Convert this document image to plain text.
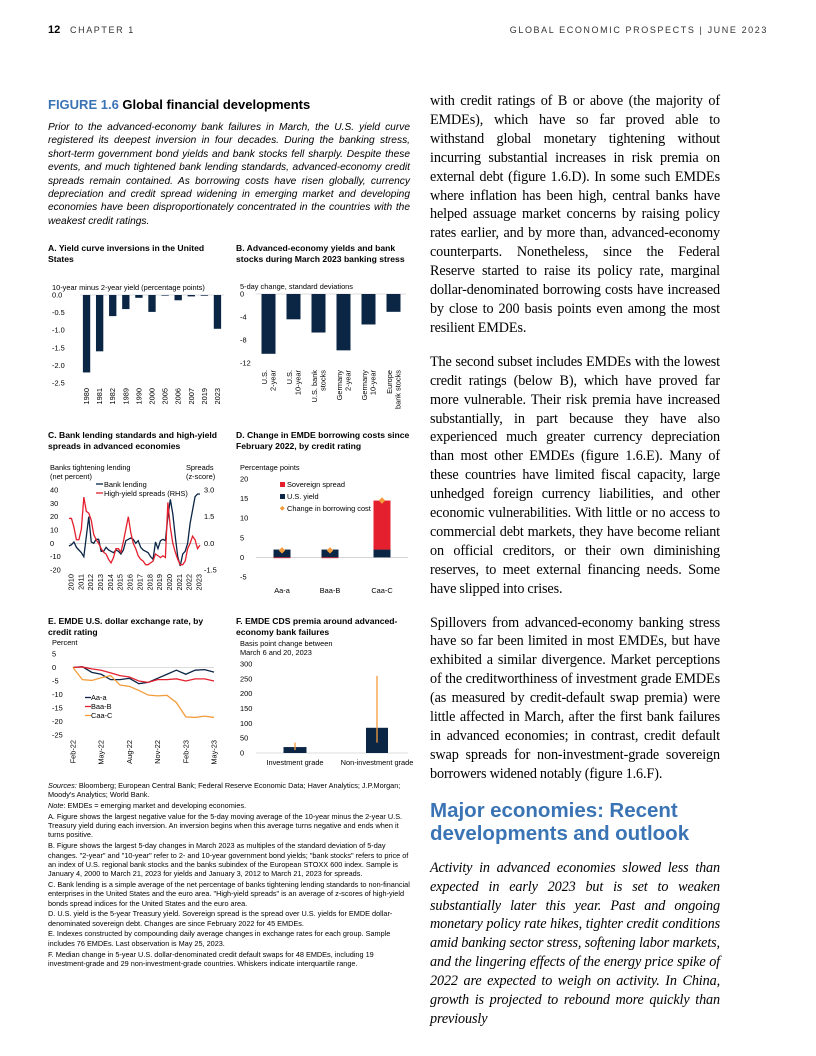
12 CHAPTER 1	GLOBAL ECONOMIC PROSPECTS | JUNE 2023
FIGURE 1.6 Global financial developments
Prior to the advanced-economy bank failures in March, the U.S. yield curve registered its deepest inversion in four decades. During the banking stress, short-term government bond yields and bank stocks fell sharply. Despite these events, and much tightened bank lending standards, advanced-economy credit spreads remain contained. As borrowing costs have risen globally, currency depreciation and credit spread widening in emerging market and developing economies have been disproportionately concentrated in the countries with the weakest credit ratings.
A. Yield curve inversions in the United States
B. Advanced-economy yields and bank stocks during March 2023 banking stress
C. Bank lending standards and high-yield spreads in advanced economies
D. Change in EMDE borrowing costs since February 2022, by credit rating
E. EMDE U.S. dollar exchange rate, by credit rating
F. EMDE CDS premia around advanced-economy bank failures
10-year minus 2-year yield (percentage points)
0.0
-0.5
-1.0
-1.5
-2.0
-2.5
1980 1981 1982 1989 1990 2000 2005 2006 2007 2019 2023
5-day change, standard deviations
0
-4
-8
-12
U.S.2-year U.S.10-year U.S. bankstocks Germany2-year Germany10-year Europebank stocks
Banks tightening lending (net percent)
Spreads (z-score)
40
30
20
10
0
-10
-20
3.0
1.5
0.0
-1.5
Bank lending
High-yield spreads (RHS)
2010 2011 2012 2013 2014 2015 2016 2017 2018 2019 2020 2021 2022 2023
Percentage points
20
15
10
5
0
-5
Aa-a	Baa-B	Caa-C
Sovereign spread
U.S. yield
Change in borrowing cost
Percent
5
0
-5
-10
-15
-20
-25
Aa-a
Baa-B
Caa-C
Feb-22	May-22	Aug-22	Nov-22	Feb-23	May-23
Basis point change between March 6 and 20, 2023
300
250
200
150
100
50
0
Investment grade Non-investment grade

Sources: Bloomberg; European Central Bank; Federal Reserve Economic Data; Haver Analytics; J.P.Morgan; Moody's Analytics; World Bank.

Note: EMDEs = emerging market and developing economies.

A. Figure shows the largest negative value for the 5-day moving average of the 10-year minus the 2-year U.S. Treasury yield during each inversion. An inversion begins when this average turns negative and ends when it turns positive.

B. Figure shows the largest 5-day changes in March 2023 as multiples of the standard deviation of 5-day changes. "2-year" and "10-year" refer to 2- and 10-year government bond yields; "bank stocks" refers to price of an index of U.S. regional bank stocks and the banks subindex of the European STOXX 600 index. Sample is January 4, 2000 to March 21, 2023 for yields and January 3, 2012 to March 21, 2023 for spreads.

C. Bank lending is a simple average of the net percentage of banks tightening lending standards to non-financial enterprises in the United States and the euro area. "High-yield spreads" is an average of z-scores of high-yield bonds spread indices for the United States and the euro area.

D. U.S. yield is the 5-year Treasury yield. Sovereign spread is the spread over U.S. yields for EMDE dollar-denominated sovereign debt. Changes are since February 2022 for 45 EMDEs.

E. Indexes constructed by compounding daily average changes in exchange rates for each group. Sample includes 76 EMDEs. Last observation is May 25, 2023.

F. Median change in 5-year U.S. dollar-denominated credit default swaps for 48 EMDEs, including 19 investment-grade and 29 non-investment-grade countries. Whiskers indicate interquartile range.

with credit ratings of B or above (the majority of EMDEs), which have so far proved able to withstand global monetary tightening without incurring substantial increases in risk premia on external debt (figure 1.6.D). In some such EMDEs where inflation has been high, central banks have helped assuage market concerns by raising policy rates earlier, and by more than, advanced-economy counterparts. Nonetheless, since the Federal Reserve started to raise its policy rate, marginal dollar-denominated borrowing costs have increased by close to 200 basis points even among the most resilient EMDEs.

The second subset includes EMDEs with the lowest credit ratings (below B), which have proved far more vulnerable. Their risk premia have increased substantially, in part because they have also experienced much greater currency depreciation than most other EMDEs (figure 1.6.E). Many of these countries have limited fiscal capacity, large unhedged foreign currency liabilities, and other economic vulnerabilities. With little or no access to commercial debt markets, they have become reliant on official creditors, or their own diminishing reserves, to meet external financing needs. Some have slipped into crises.

Spillovers from advanced-economy banking stress have so far been limited in most EMDEs, but have exhibited a similar divergence. Market perceptions of the creditworthiness of investment grade EMDEs (as measured by credit-default swap premia) were little affected in March, after the first bank failures in advanced economies; in contrast, credit default swap spreads for non-investment-grade sovereign borrowers widened notably (figure 1.6.F).

Major economies: Recent developments and outlook

Activity in advanced economies slowed less than expected in early 2023 but is set to weaken substantially later this year. Past and ongoing monetary policy rate hikes, tighter credit conditions amid banking sector stress, softening labor markets, and the lingering effects of the energy price spike of 2022 are expected to weigh on activity. In China, growth is projected to rebound more quickly than previously
